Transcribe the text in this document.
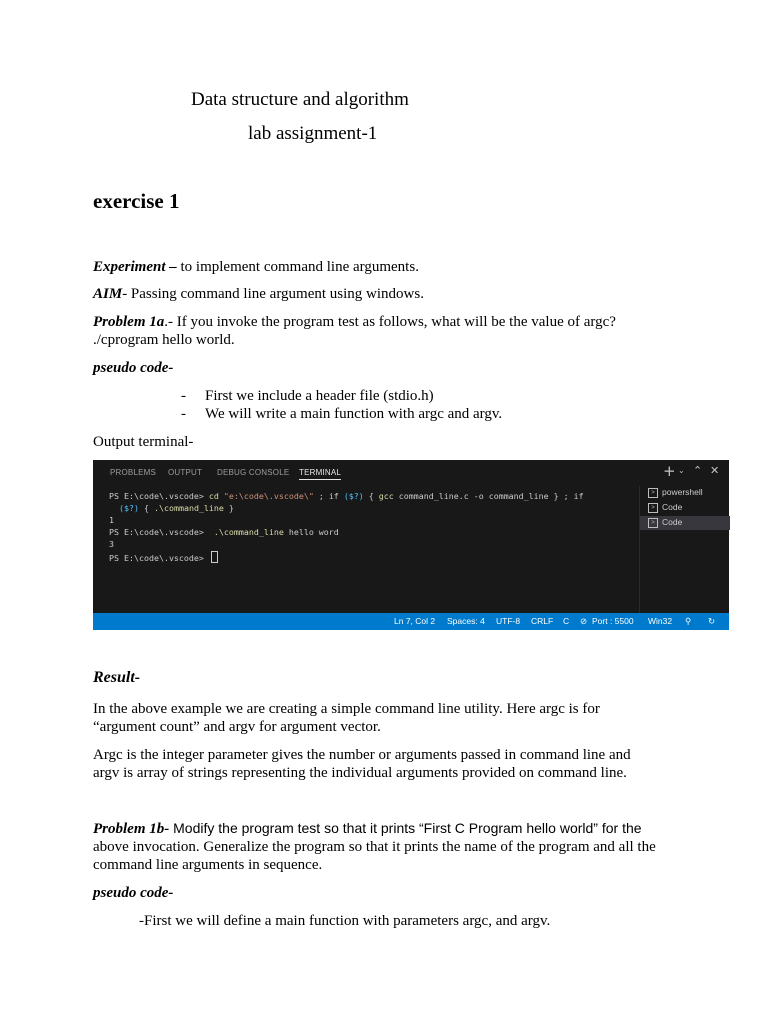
Data structure and algorithm
lab assignment-1
exercise 1
Experiment – to implement command line arguments.
AIM- Passing command line argument using windows.
Problem 1a.- If you invoke the program test as follows, what will be the value of argc?
./cprogram hello world.
pseudo code-
- First we include a header file (stdio.h)
- We will write a main function with argc and argv.
Output terminal-
PROBLEMS OUTPUT DEBUG CONSOLE TERMINAL	+ ⌄ ⌃ ✕
PS E:\code\.vscode> cd "e:\code\.vscode\" ; if ($?) { gcc command_line.c -o command_line } ; if
($?) { .\command_line }
1
PS E:\code\.vscode>  .\command_line hello word
3
PS E:\code\.vscode>
> powershell
> Code
> Code
Ln 7, Col 2 Spaces: 4 UTF-8 CRLF C ⊘ Port : 5500 Win32 ⚲ ↻
Result-
In the above example we are creating a simple command line utility. Here argc is for
“argument count” and argv for argument vector.
Argc is the integer parameter gives the number or arguments passed in command line and
argv is array of strings representing the individual arguments provided on command line.
Problem 1b- Modify the program test so that it prints “First C Program hello world” for the
above invocation. Generalize the program so that it prints the name of the program and all the
command line arguments in sequence.
pseudo code-
-First we will define a main function with parameters argc, and argv.
